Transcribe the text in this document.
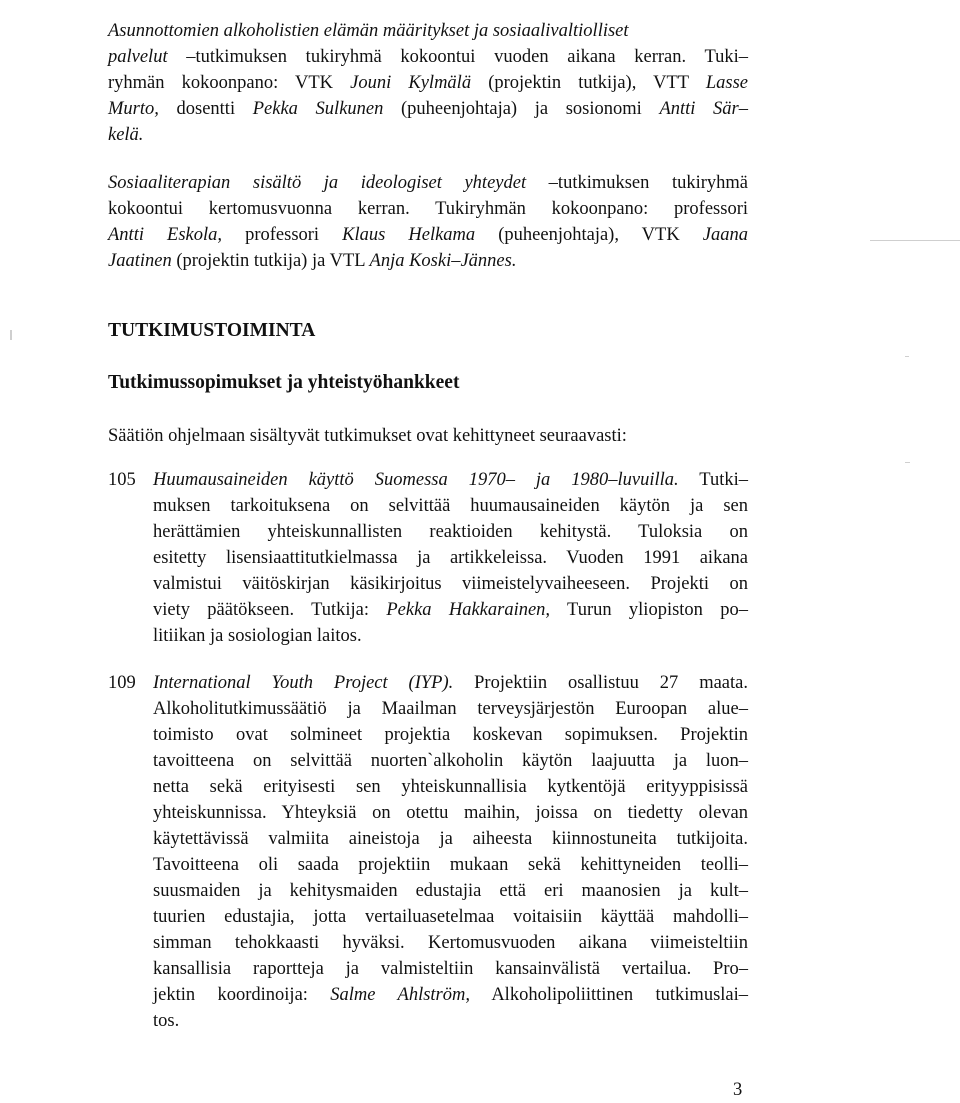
Asunnottomien alkoholistien elämän määritykset ja sosiaalivaltiolliset
palvelut –tutkimuksen tukiryhmä kokoontui vuoden aikana kerran. Tuki–
ryhmän kokoonpano: VTK Jouni Kylmälä (projektin tutkija), VTT Lasse
Murto, dosentti Pekka Sulkunen (puheenjohtaja) ja sosionomi Antti Sär–
kelä.
Sosiaaliterapian sisältö ja ideologiset yhteydet –tutkimuksen tukiryhmä
kokoontui kertomusvuonna kerran. Tukiryhmän kokoonpano: professori
Antti Eskola, professori Klaus Helkama (puheenjohtaja), VTK Jaana
Jaatinen (projektin tutkija) ja VTL Anja Koski–Jännes.
TUTKIMUSTOIMINTA
Tutkimussopimukset ja yhteistyöhankkeet
Säätiön ohjelmaan sisältyvät tutkimukset ovat kehittyneet seuraavasti:
105 Huumausaineiden käyttö Suomessa 1970– ja 1980–luvuilla. Tutki–
muksen tarkoituksena on selvittää huumausaineiden käytön ja sen
herättämien yhteiskunnallisten reaktioiden kehitystä. Tuloksia on
esitetty lisensiaattitutkielmassa ja artikkeleissa. Vuoden 1991 aikana
valmistui väitöskirjan käsikirjoitus viimeistelyvaiheeseen. Projekti on
viety päätökseen. Tutkija: Pekka Hakkarainen, Turun yliopiston po–
litiikan ja sosiologian laitos.
109 International Youth Project (IYP). Projektiin osallistuu 27 maata.
Alkoholitutkimussäätiö ja Maailman terveysjärjestön Euroopan alue–
toimisto ovat solmineet projektia koskevan sopimuksen. Projektin
tavoitteena on selvittää nuorten`alkoholin käytön laajuutta ja luon–
netta sekä erityisesti sen yhteiskunnallisia kytkentöjä erityyppisissä
yhteiskunnissa. Yhteyksiä on otettu maihin, joissa on tiedetty olevan
käytettävissä valmiita aineistoja ja aiheesta kiinnostuneita tutkijoita.
Tavoitteena oli saada projektiin mukaan sekä kehittyneiden teolli–
suusmaiden ja kehitysmaiden edustajia että eri maanosien ja kult–
tuurien edustajia, jotta vertailuasetelmaa voitaisiin käyttää mahdolli–
simman tehokkaasti hyväksi. Kertomusvuoden aikana viimeisteltiin
kansallisia raportteja ja valmisteltiin kansainvälistä vertailua. Pro–
jektin koordinoija: Salme Ahlström, Alkoholipoliittinen tutkimuslai–
tos.
3
